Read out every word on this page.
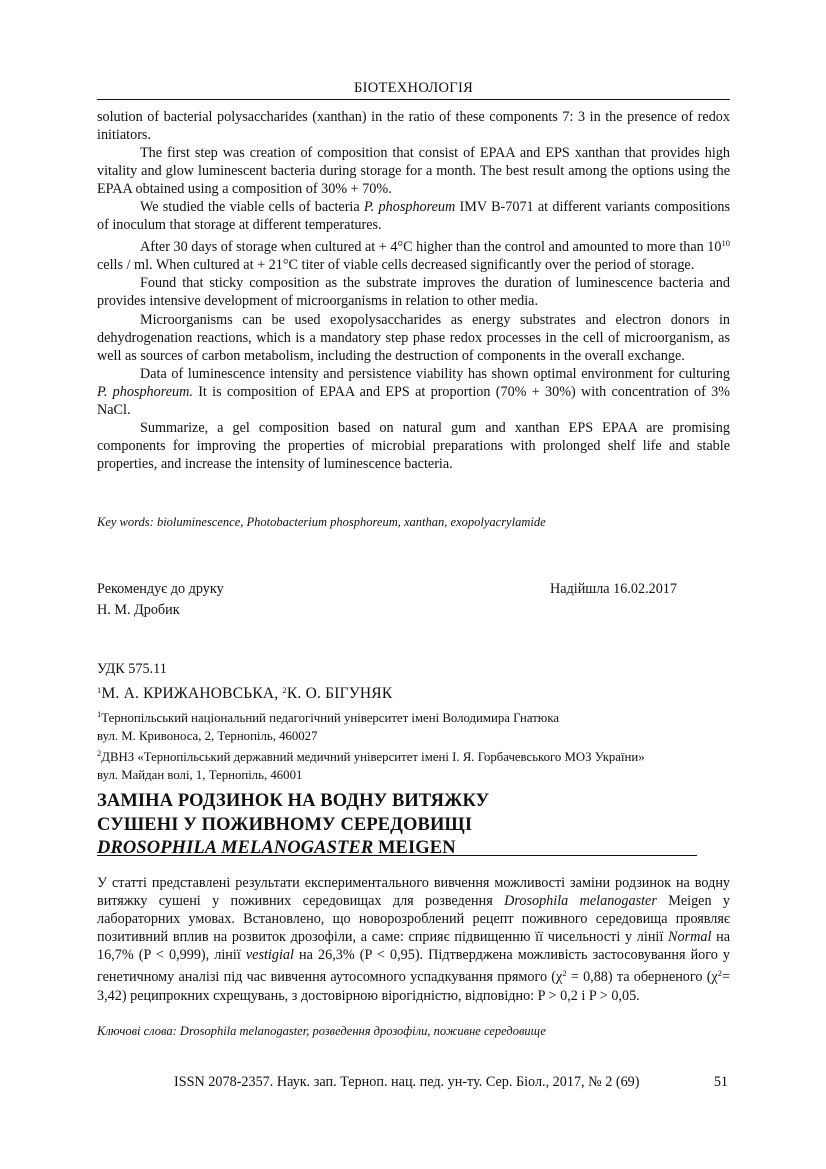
БІОТЕХНОЛОГІЯ

solution of bacterial polysaccharides (xanthan) in the ratio of these components 7: 3 in the presence of redox initiators.

The first step was creation of composition that consist of EPAA and EPS xanthan that provides high vitality and glow luminescent bacteria during storage for a month. The best result among the options using the EPAA obtained using a composition of 30% + 70%.

We studied the viable cells of bacteria P. phosphoreum IMV B-7071 at different variants compositions of inoculum that storage at different temperatures.

After 30 days of storage when cultured at + 4°C higher than the control and amounted to more than $10^{10}$ cells / ml. When cultured at + 21°C titer of viable cells decreased significantly over the period of storage.

Found that sticky composition as the substrate improves the duration of luminescence bacteria and provides intensive development of microorganisms in relation to other media.

Microorganisms can be used exopolysaccharides as energy substrates and electron donors in dehydrogenation reactions, which is a mandatory step phase redox processes in the cell of microorganism, as well as sources of carbon metabolism, including the destruction of components in the overall exchange.

Data of luminescence intensity and persistence viability has shown optimal environment for culturing P. phosphoreum. It is composition of EPAA and EPS at proportion (70% + 30%) with concentration of 3% NaCl.

Summarize, a gel composition based on natural gum and xanthan EPS EPAA are promising components for improving the properties of microbial preparations with prolonged shelf life and stable properties, and increase the intensity of luminescence bacteria.

Key words: bioluminescence, Photobacterium phosphoreum, xanthan, exopolyacrylamide
Рекомендує до друку
Н. М. Дробик
Надійшла 16.02.2017
УДК 575.11
$^1$М. А. КРИЖАНОВСЬКА, $^2$К. О. БІГУНЯК
$^1$Тернопільський національний педагогічний університет імені Володимира Гнатюка
вул. М. Кривоноса, 2, Тернопіль, 460027
$^2$ДВНЗ «Тернопільський державний медичний університет імені І. Я. Горбачевського МОЗ України»
вул. Майдан волі, 1, Тернопіль, 46001
ЗАМІНА РОДЗИНОК НА ВОДНУ ВИТЯЖКУ
СУШЕНІ У ПОЖИВНОМУ СЕРЕДОВИЩІ
DROSOPHILA MELANOGASTER MEIGEN
У статті представлені результати експериментального вивчення можливості заміни родзинок на водну витяжку сушені у поживних середовищах для розведення Drosophila melanogaster Meigen у лабораторних умовах. Встановлено, що новорозроблений рецепт поживного середовища проявляє позитивний вплив на розвиток дрозофіли, а саме: сприяє підвищенню її чисельності у лінії Normal на 16,7% (P < 0,999), лінії vestigial на 26,3% (P < 0,95). Підтверджена можливість застосовування його у генетичному аналізі під час вивчення аутосомного успадкування прямого $(\chi^2 = 0,88)$ та оберненого $(\chi^2= 3,42)$ реципрокних схрещувань, з достовірною вірогідністю, відповідно: P > 0,2 і P > 0,05.
Ключові слова: Drosophila melanogaster, розведення дрозофіли, поживне середовище
ISSN 2078-2357. Наук. зап. Терноп. нац. пед. ун-ту. Сер. Біол., 2017, № 2 (69)	51
